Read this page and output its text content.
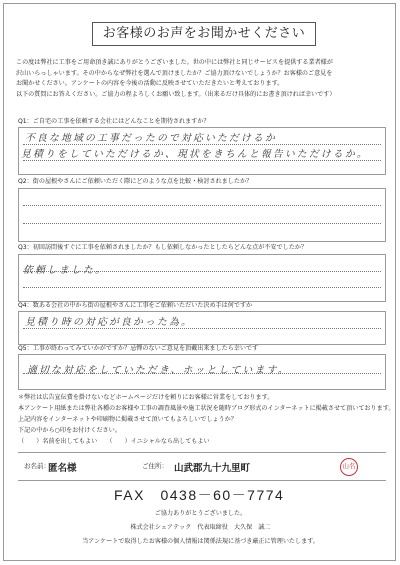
お客様のお声をお聞かせください
この度は弊社に工事をご用命頂き誠にありがとうございました。世の中には弊社と同じサービスを提供する業者様が
沢山いらっしゃいます。その中からなぜ弊社を選んで頂けましたか？ご協力頂けないでしょうか？お客様のご意見を
お聞かせください。アンケートの内容を今後の活動に反映させていただきたいと考えております。
以下の質問にお答えください。ご協力の程よろしくお願い致します。（出来るだけ具体的にお書き頂ければ幸いです）
Q1：ご自宅の工事を依頼する会社にはどんなことを期待されますか？
不良な地域の工事だったので対応いただけるか
見積りをしていただけるか、現状をきちんと報告いただけるか。
Q2：街の屋根やさんにご依頼いただく際にどのような点を比較・検討されましたか？
Q3：初回訪問後すぐに工事を依頼されましたか？もし依頼しなかったとしたらどんな点が不安でしたか？
依頼しました。
Q4：数ある会社の中から街の屋根やさんに工事をご依頼いただいた決め手は何ですか
見積り時の対応が良かった為。
Q5：工事が終わってみていかがですか？忌憚のないご意見を頂戴出来ましたら幸いです
適切な対応をしていただき、ホッとしています。
＊弊社は広告宣伝費を掛けないなどホームページだけを頼りにお客様に営業をしております。
本アンケート用紙または弊社各種のお客様や工事の調査風景や施工状況を随時ブログ形式のインターネットに掲載させて頂いております。
上記内容をインターネットや印刷物に掲載させて頂いてもよろしいでしょうか？
下記の中から○印をお付けください。
（　　）名前を出してもよい　　（　　）イニシャルなら出してもよい
お名前：
匿名様	ご住所： 山武郡九十九里町	山名
FAX　0438－60－7774
ご協力ありがとうございました。
株式会社シェアテック　代表取締役　大久保　誠二
当アンケートで取得したお客様の個人情報は関係法規に基づき厳正に管理いたします。
